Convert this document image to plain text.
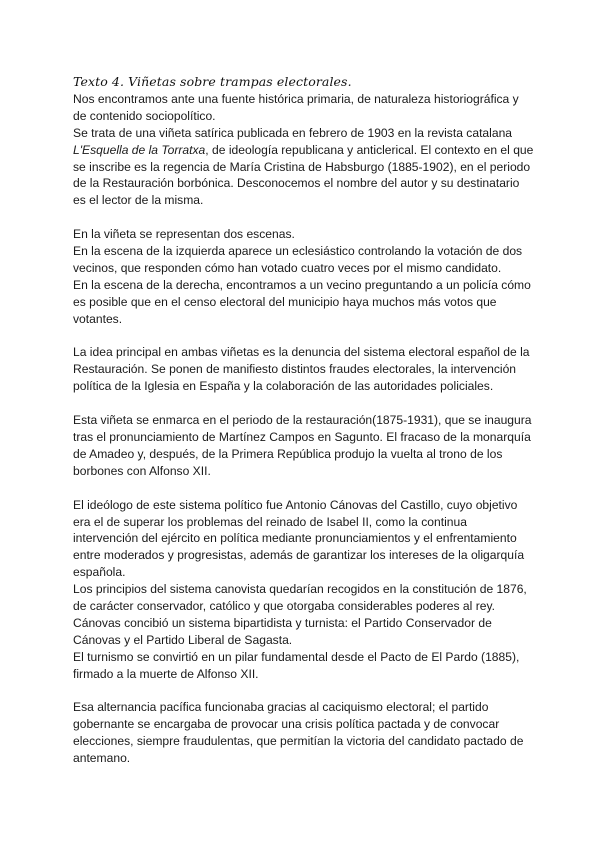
Texto 4. Viñetas sobre trampas electorales.

Nos encontramos ante una fuente histórica primaria, de naturaleza historiográfica y de contenido sociopolítico.

Se trata de una viñeta satírica publicada en febrero de 1903 en la revista catalana L'Esquella de la Torratxa, de ideología republicana y anticlerical. El contexto en el que se inscribe es la regencia de María Cristina de Habsburgo (1885-1902), en el periodo de la Restauración borbónica. Desconocemos el nombre del autor y su destinatario es el lector de la misma.

En la viñeta se representan dos escenas.

En la escena de la izquierda aparece un eclesiástico controlando la votación de dos vecinos, que responden cómo han votado cuatro veces por el mismo candidato.

En la escena de la derecha, encontramos a un vecino preguntando a un policía cómo es posible que en el censo electoral del municipio haya muchos más votos que votantes.

La idea principal en ambas viñetas es la denuncia del sistema electoral español de la Restauración. Se ponen de manifiesto distintos fraudes electorales, la intervención política de la Iglesia en España y la colaboración de las autoridades policiales.

Esta viñeta se enmarca en el periodo de la restauración(1875-1931), que se inaugura tras el pronunciamiento de Martínez Campos en Sagunto. El fracaso de la monarquía de Amadeo y, después, de la Primera República produjo la vuelta al trono de los borbones con Alfonso XII.

El ideólogo de este sistema político fue Antonio Cánovas del Castillo, cuyo objetivo era el de superar los problemas del reinado de Isabel II, como la continua intervención del ejército en política mediante pronunciamientos y el enfrentamiento entre moderados y progresistas, además de garantizar los intereses de la oligarquía española.

Los principios del sistema canovista quedarían recogidos en la constitución de 1876, de carácter conservador, católico y que otorgaba considerables poderes al rey.

Cánovas concibió un sistema bipartidista y turnista: el Partido Conservador de Cánovas y el Partido Liberal de Sagasta.

El turnismo se convirtió en un pilar fundamental desde el Pacto de El Pardo (1885), firmado a la muerte de Alfonso XII.

Esa alternancia pacífica funcionaba gracias al caciquismo electoral; el partido gobernante se encargaba de provocar una crisis política pactada y de convocar elecciones, siempre fraudulentas, que permitían la victoria del candidato pactado de antemano.
